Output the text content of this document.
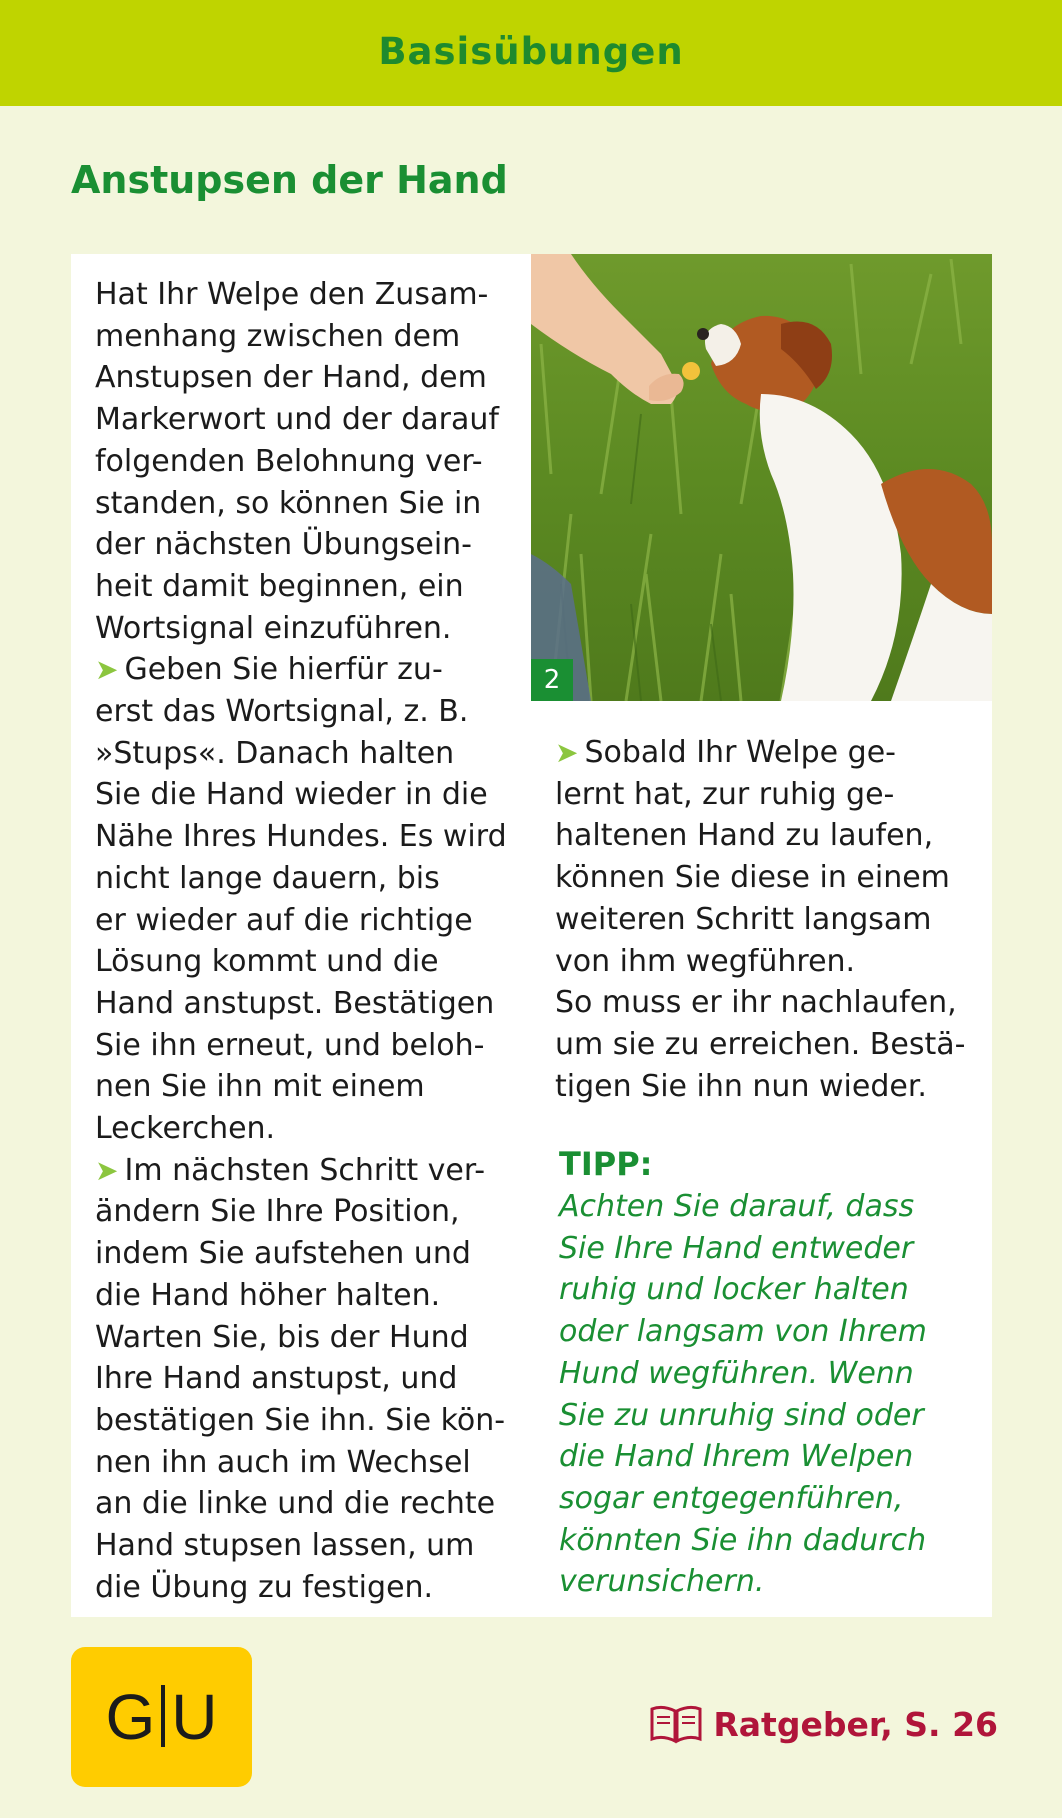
Basisübungen
Anstupsen der Hand
Hat Ihr Welpe den Zusam-
menhang zwischen dem
Anstupsen der Hand, dem
Markerwort und der darauf
folgenden Belohnung ver-
standen, so können Sie in
der nächsten Übungsein-
heit damit beginnen, ein
Wortsignal einzuführen.
➤ Geben Sie hierfür zu-
erst das Wortsignal, z. B.
»Stups«. Danach halten
Sie die Hand wieder in die
Nähe Ihres Hundes. Es wird
nicht lange dauern, bis
er wieder auf die richtige
Lösung kommt und die
Hand anstupst. Bestätigen
Sie ihn erneut, und beloh-
nen Sie ihn mit einem
Leckerchen.
➤ Im nächsten Schritt ver-
ändern Sie Ihre Position,
indem Sie aufstehen und
die Hand höher halten.
Warten Sie, bis der Hund
Ihre Hand anstupst, und
bestätigen Sie ihn. Sie kön-
nen ihn auch im Wechsel
an die linke und die rechte
Hand stupsen lassen, um
die Übung zu festigen.
2
➤ Sobald Ihr Welpe ge-
lernt hat, zur ruhig ge-
haltenen Hand zu laufen,
können Sie diese in einem
weiteren Schritt langsam
von ihm wegführen.
So muss er ihr nachlaufen,
um sie zu erreichen. Bestä-
tigen Sie ihn nun wieder.
TIPP:
Achten Sie darauf, dass
Sie Ihre Hand entweder
ruhig und locker halten
oder langsam von Ihrem
Hund wegführen. Wenn
Sie zu unruhig sind oder
die Hand Ihrem Welpen
sogar entgegenführen,
könnten Sie ihn dadurch
verunsichern.
G U	Ratgeber, S. 26
